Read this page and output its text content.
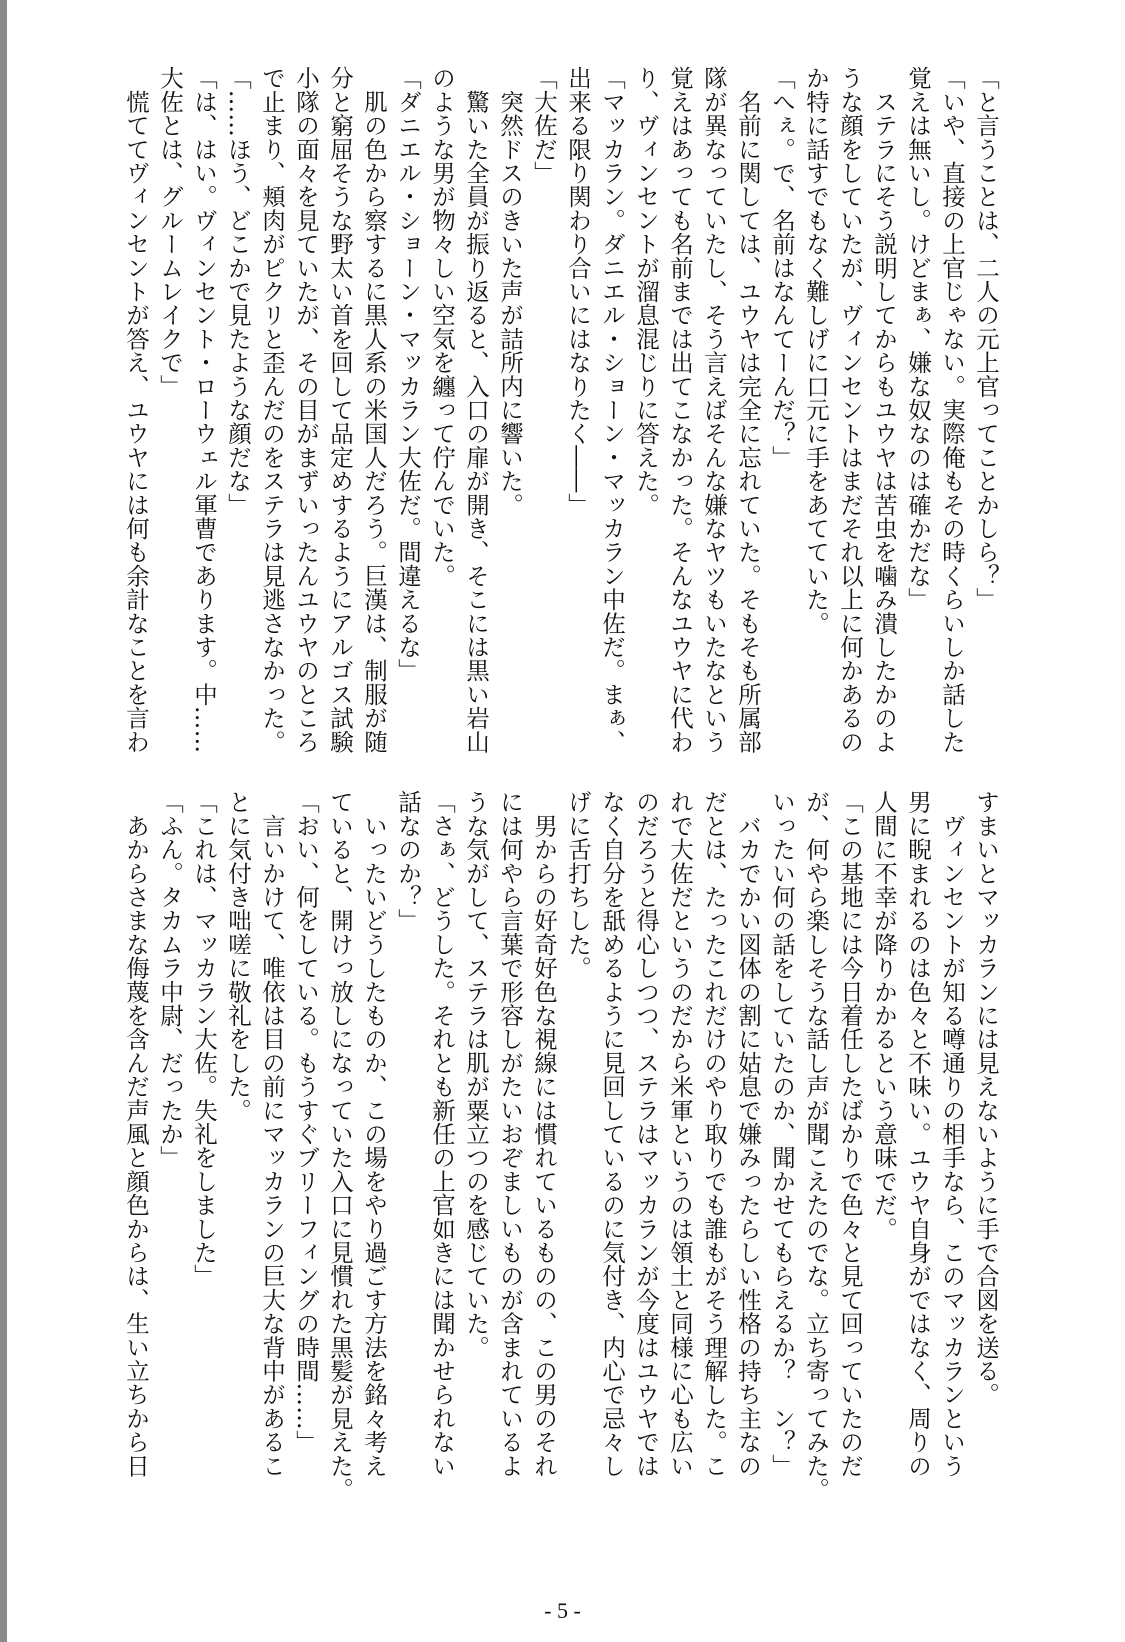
「と言うことは、二人の元上官ってことかしら？」
「いや、直接の上官じゃない。実際俺もその時くらいしか話した
覚えは無いし。けどまぁ、嫌な奴なのは確かだな」
　ステラにそう説明してからもユウヤは苦虫を噛み潰したかのよ
うな顔をしていたが、ヴィンセントはまだそれ以上に何かあるの
か特に話すでもなく難しげに口元に手をあてていた。
「へぇ。で、名前はなんてーんだ？」
　名前に関しては、ユウヤは完全に忘れていた。そもそも所属部
隊が異なっていたし、そう言えばそんな嫌なヤツもいたなという
覚えはあっても名前までは出てこなかった。そんなユウヤに代わ
り、ヴィンセントが溜息混じりに答えた。
「マッカラン。ダニエル・ショーン・マッカラン中佐だ。まぁ、
出来る限り関わり合いにはなりたく――」
「大佐だ」
　突然ドスのきいた声が詰所内に響いた。
　驚いた全員が振り返ると、入口の扉が開き、そこには黒い岩山
のような男が物々しい空気を纏って佇んでいた。
「ダニエル・ショーン・マッカラン大佐だ。間違えるな」
　肌の色から察するに黒人系の米国人だろう。巨漢は、制服が随
分と窮屈そうな野太い首を回して品定めするようにアルゴス試験
小隊の面々を見ていたが、その目がまずいったんユウヤのところ
で止まり、頬肉がピクリと歪んだのをステラは見逃さなかった。
「……ほう、どこかで見たような顔だな」
「は、はい。ヴィンセント・ローウェル軍曹であります。中……
大佐とは、グルームレイクで」
　慌ててヴィンセントが答え、ユウヤには何も余計なことを言わ
すまいとマッカランには見えないように手で合図を送る。
　ヴィンセントが知る噂通りの相手なら、このマッカランという
男に睨まれるのは色々と不味い。ユウヤ自身がではなく、周りの
人間に不幸が降りかかるという意味でだ。
「この基地には今日着任したばかりで色々と見て回っていたのだ
が、何やら楽しそうな話し声が聞こえたのでな。立ち寄ってみた。
いったい何の話をしていたのか、聞かせてもらえるか？　ン？」
　バカでかい図体の割に姑息で嫌みったらしい性格の持ち主なの
だとは、たったこれだけのやり取りでも誰もがそう理解した。こ
れで大佐だというのだから米軍というのは領土と同様に心も広い
のだろうと得心しつつ、ステラはマッカランが今度はユウヤでは
なく自分を舐めるように見回しているのに気付き、内心で忌々し
げに舌打ちした。
　男からの好奇好色な視線には慣れているものの、この男のそれ
には何やら言葉で形容しがたいおぞましいものが含まれているよ
うな気がして、ステラは肌が粟立つのを感じていた。
「さぁ、どうした。それとも新任の上官如きには聞かせられない
話なのか？」
　いったいどうしたものか、この場をやり過ごす方法を銘々考え
ていると、開けっ放しになっていた入口に見慣れた黒髪が見えた。
「おい、何をしている。もうすぐブリーフィングの時間……」
　言いかけて、唯依は目の前にマッカランの巨大な背中があるこ
とに気付き咄嗟に敬礼をした。
「これは、マッカラン大佐。失礼をしました」
「ふん。タカムラ中尉、だったか」
　あからさまな侮蔑を含んだ声風と顔色からは、生い立ちから日
- 5 -
